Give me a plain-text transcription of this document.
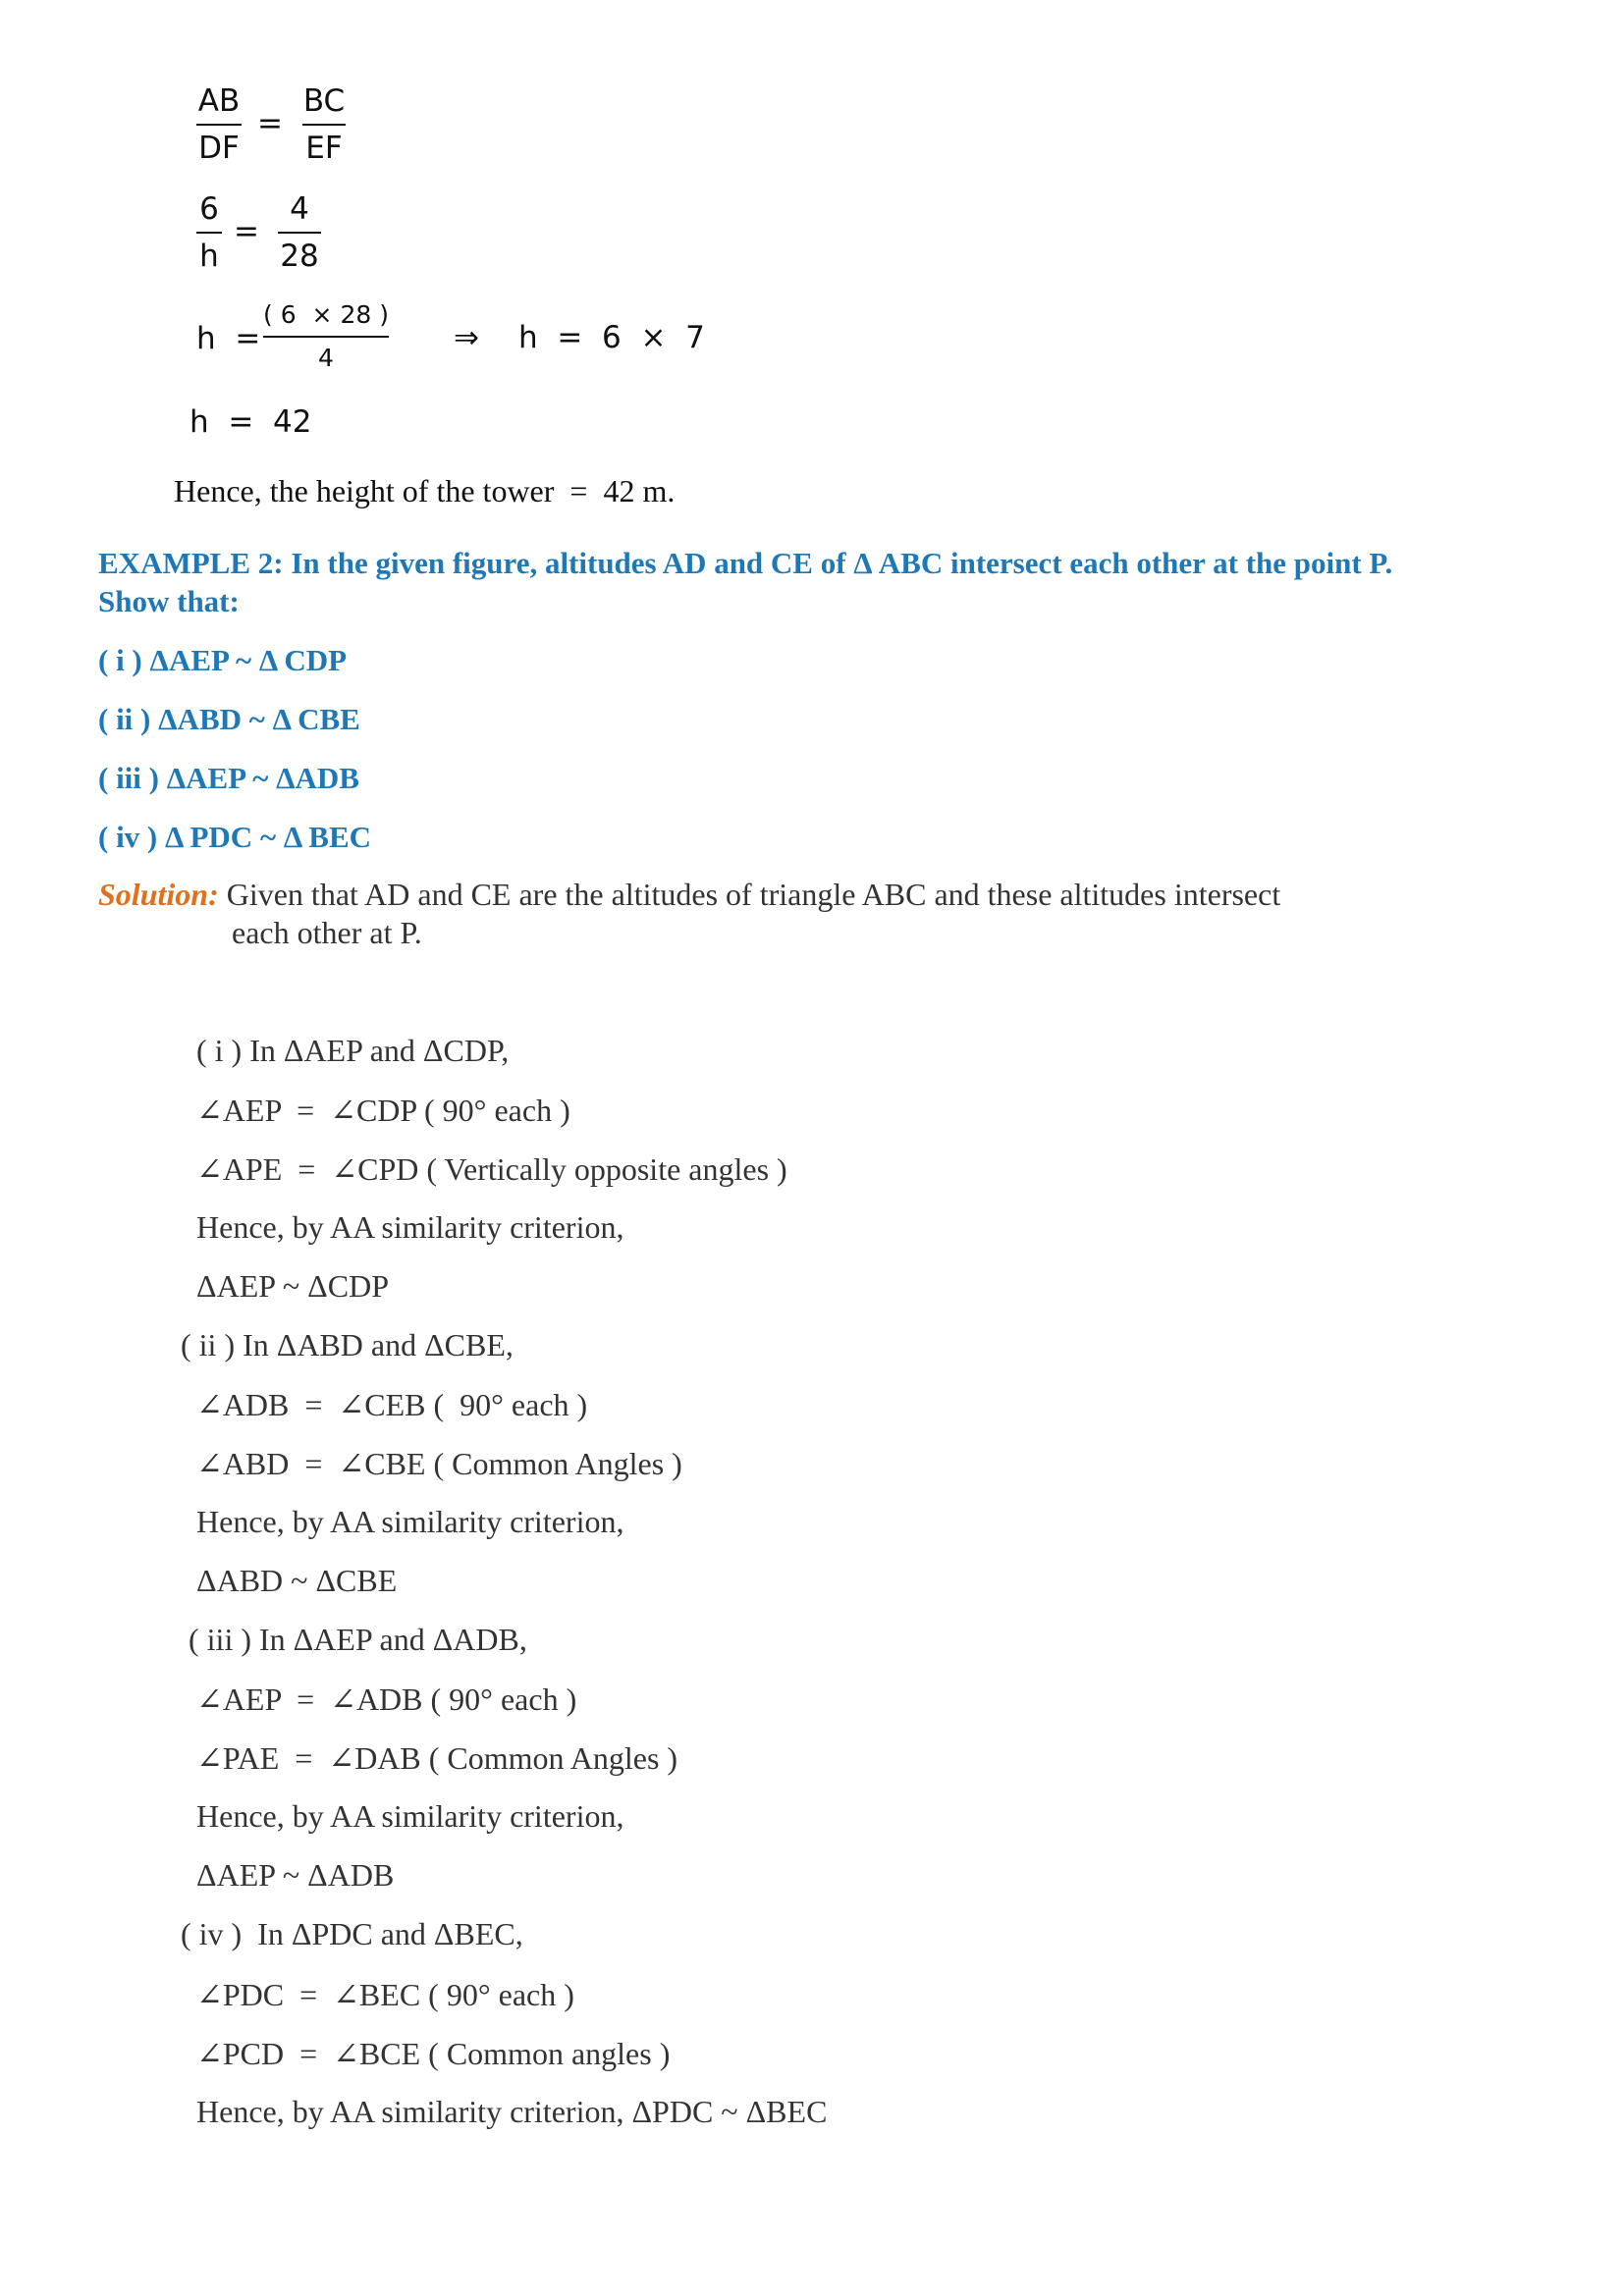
AB
DF
=
BC
EF
6
h
=
4
28
h  =
( 6  × 28 )
4
⇒ h  =  6  ×  7
h  =  42
Hence, the height of the tower  =  42 m.
EXAMPLE 2: In the given figure, altitudes AD and CE of Δ ABC intersect each other at the point P.
Show that:
( i ) ΔAEP ~ Δ CDP
( ii ) ΔABD ~ Δ CBE
( iii ) ΔAEP ~ ΔADB
( iv ) Δ PDC ~ Δ BEC
Solution: Given that AD and CE are the altitudes of triangle ABC and these altitudes intersect
each other at P.
( i ) In ΔAEP and ΔCDP,
∠AEP  =  ∠CDP ( 90° each )
∠APE  =  ∠CPD ( Vertically opposite angles )
Hence, by AA similarity criterion,
ΔAEP ~ ΔCDP
( ii ) In ΔABD and ΔCBE,
∠ADB  =  ∠CEB (  90° each )
∠ABD  =  ∠CBE ( Common Angles )
Hence, by AA similarity criterion,
ΔABD ~ ΔCBE
( iii ) In ΔAEP and ΔADB,
∠AEP  =  ∠ADB ( 90° each )
∠PAE  =  ∠DAB ( Common Angles )
Hence, by AA similarity criterion,
ΔAEP ~ ΔADB
( iv )  In ΔPDC and ΔBEC,
∠PDC  =  ∠BEC ( 90° each )
∠PCD  =  ∠BCE ( Common angles )
Hence, by AA similarity criterion, ΔPDC ~ ΔBEC
